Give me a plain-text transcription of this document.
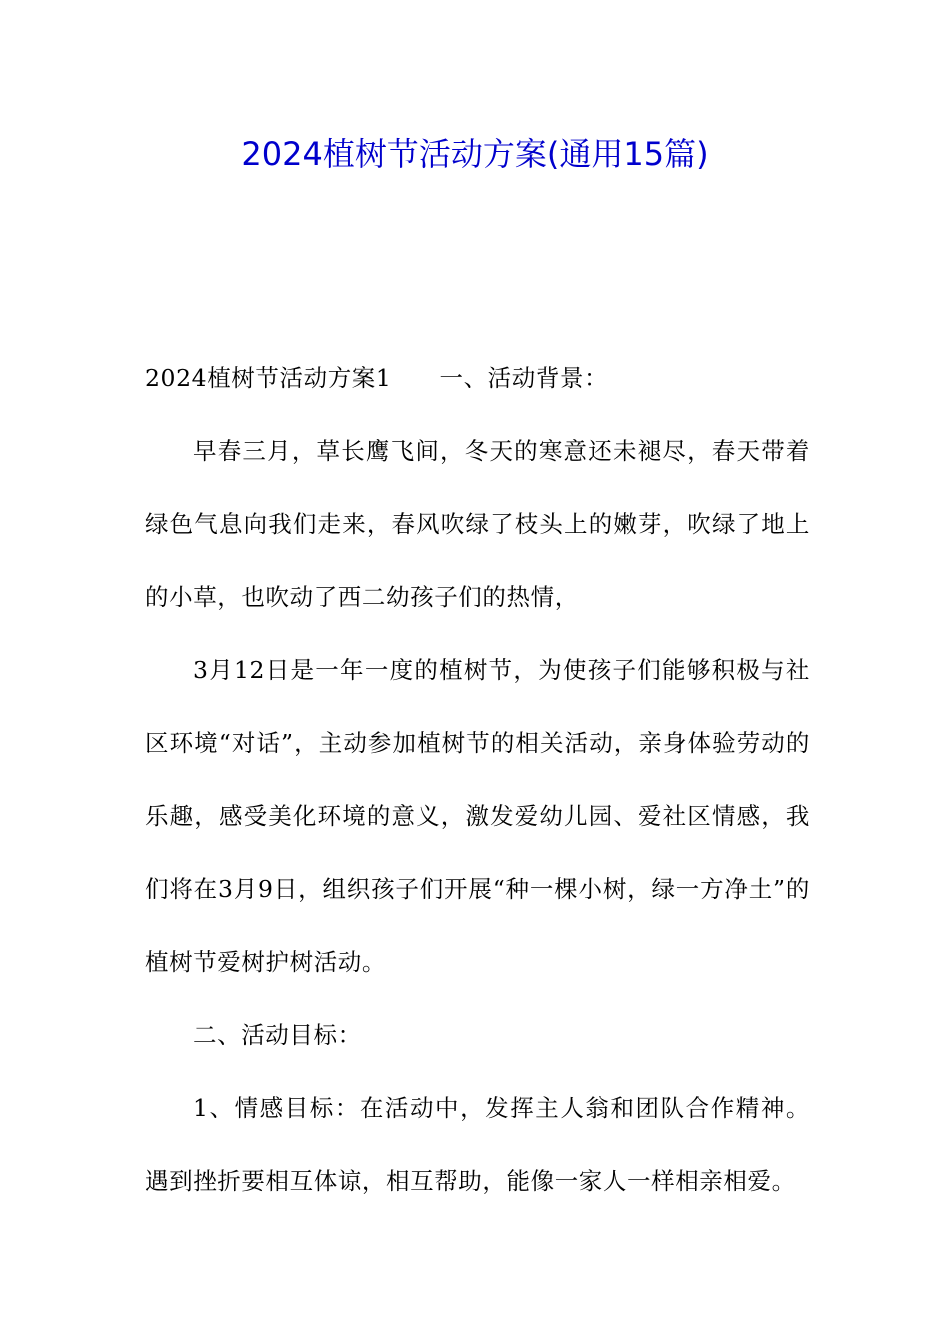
2024植树节活动方案(通用15篇)

2024植树节活动方案1 一、活动背景：

早春三月，草长鹰飞间，冬天的寒意还未褪尽，春天带着绿色气息向我们走来，春风吹绿了枝头上的嫩芽，吹绿了地上的小草，也吹动了西二幼孩子们的热情，

3月12日是一年一度的植树节，为使孩子们能够积极与社区环境“对话”，主动参加植树节的相关活动，亲身体验劳动的乐趣，感受美化环境的意义，激发爱幼儿园、爱社区情感，我们将在3月9日，组织孩子们开展“种一棵小树，绿一方净土”的植树节爱树护树活动。

二、活动目标：

1、情感目标：在活动中，发挥主人翁和团队合作精神。遇到挫折要相互体谅，相互帮助，能像一家人一样相亲相爱。
